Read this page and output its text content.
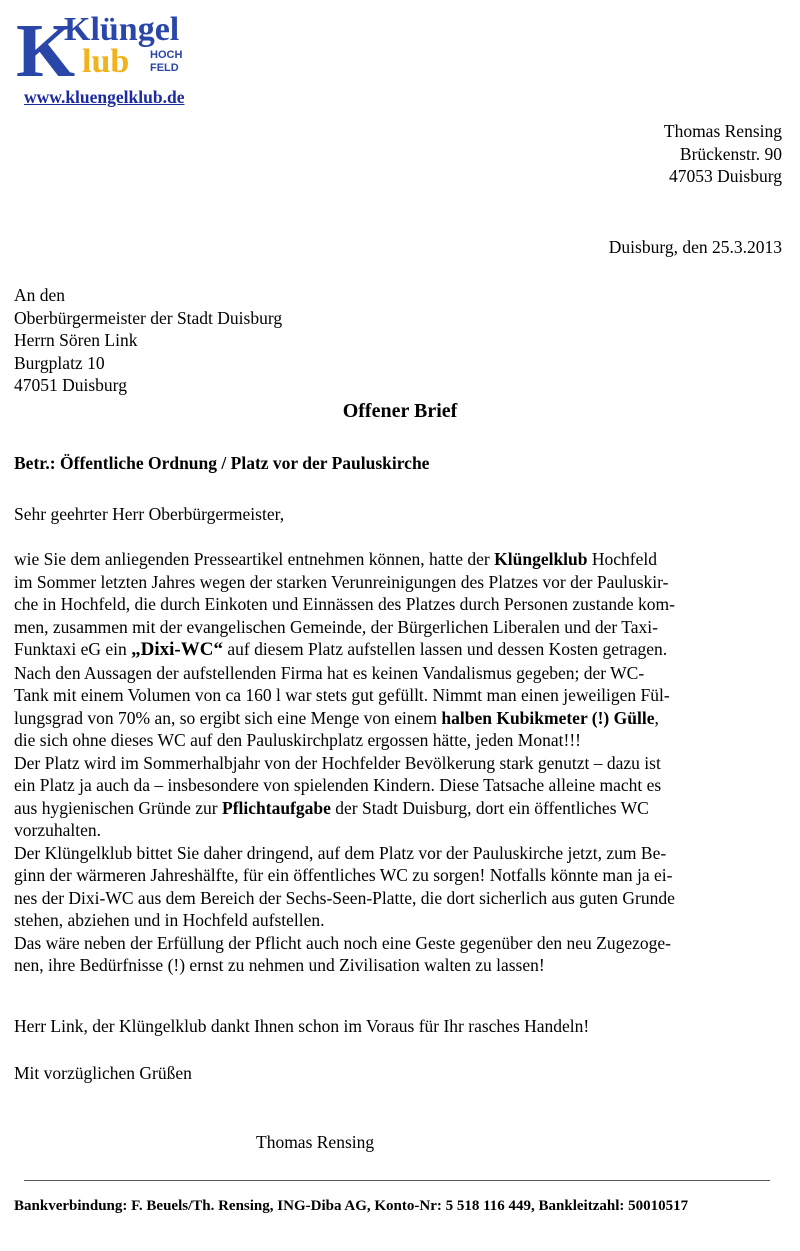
K
Klüngel
lub HOCH
FELD
www.kluengelklub.de
Thomas Rensing
Brückenstr. 90
47053 Duisburg
Duisburg, den 25.3.2013
An den
Oberbürgermeister der Stadt Duisburg
Herrn Sören Link
Burgplatz 10
47051 Duisburg
Offener Brief
Betr.: Öffentliche Ordnung / Platz vor der Pauluskirche
Sehr geehrter Herr Oberbürgermeister,

wie Sie dem anliegenden Presseartikel entnehmen können, hatte der Klüngelklub Hochfeld
im Sommer letzten Jahres wegen der starken Verunreinigungen des Platzes vor der Pauluskir-
che in Hochfeld, die durch Einkoten und Einnässen des Platzes durch Personen zustande kom-
men, zusammen mit der evangelischen Gemeinde, der Bürgerlichen Liberalen und der Taxi-
Funktaxi eG ein „Dixi-WC“ auf diesem Platz aufstellen lassen und dessen Kosten getragen.
Nach den Aussagen der aufstellenden Firma hat es keinen Vandalismus gegeben; der WC-
Tank mit einem Volumen von ca 160 l war stets gut gefüllt. Nimmt man einen jeweiligen Fül-
lungsgrad von 70% an, so ergibt sich eine Menge von einem halben Kubikmeter (!) Gülle,
die sich ohne dieses WC auf den Pauluskirchplatz ergossen hätte, jeden Monat!!!

Der Platz wird im Sommerhalbjahr von der Hochfelder Bevölkerung stark genutzt – dazu ist
ein Platz ja auch da – insbesondere von spielenden Kindern. Diese Tatsache alleine macht es
aus hygienischen Gründe zur Pflichtaufgabe der Stadt Duisburg, dort ein öffentliches WC
vorzuhalten.

Der Klüngelklub bittet Sie daher dringend, auf dem Platz vor der Pauluskirche jetzt, zum Be-
ginn der wärmeren Jahreshälfte, für ein öffentliches WC zu sorgen! Notfalls könnte man ja ei-
nes der Dixi-WC aus dem Bereich der Sechs-Seen-Platte, die dort sicherlich aus guten Grunde
stehen, abziehen und in Hochfeld aufstellen.

Das wäre neben der Erfüllung der Pflicht auch noch eine Geste gegenüber den neu Zugezoge-
nen, ihre Bedürfnisse (!) ernst zu nehmen und Zivilisation walten zu lassen!

Herr Link, der Klüngelklub dankt Ihnen schon im Voraus für Ihr rasches Handeln!
Mit vorzüglichen Grüßen
Thomas Rensing
Bankverbindung: F. Beuels/Th. Rensing, ING-Diba AG, Konto-Nr: 5 518 116 449, Bankleitzahl: 50010517
